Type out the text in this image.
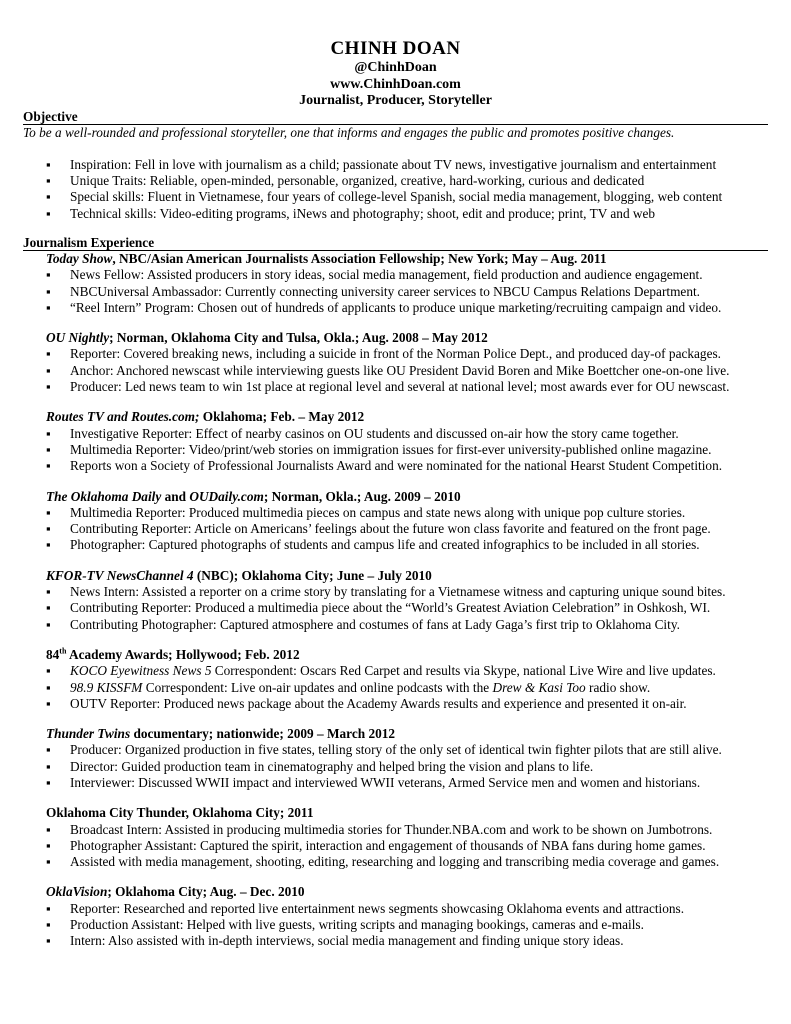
CHINH DOAN
@ChinhDoan
www.ChinhDoan.com
Journalist, Producer, Storyteller
Objective
To be a well-rounded and professional storyteller, one that informs and engages the public and promotes positive changes.
▪ Inspiration: Fell in love with journalism as a child; passionate about TV news, investigative journalism and entertainment
▪ Unique Traits: Reliable, open-minded, personable, organized, creative, hard-working, curious and dedicated
▪ Special skills: Fluent in Vietnamese, four years of college-level Spanish, social media management, blogging, web content
▪ Technical skills: Video-editing programs, iNews and photography; shoot, edit and produce; print, TV and web
Journalism Experience
Today Show, NBC/Asian American Journalists Association Fellowship; New York; May – Aug. 2011
▪ News Fellow: Assisted producers in story ideas, social media management, field production and audience engagement.
▪ NBCUniversal Ambassador: Currently connecting university career services to NBCU Campus Relations Department.
▪ “Reel Intern” Program: Chosen out of hundreds of applicants to produce unique marketing/recruiting campaign and video.
OU Nightly; Norman, Oklahoma City and Tulsa, Okla.; Aug. 2008 – May 2012
▪ Reporter: Covered breaking news, including a suicide in front of the Norman Police Dept., and produced day-of packages.
▪ Anchor: Anchored newscast while interviewing guests like OU President David Boren and Mike Boettcher one-on-one live.
▪ Producer: Led news team to win 1st place at regional level and several at national level; most awards ever for OU newscast.
Routes TV and Routes.com; Oklahoma; Feb. – May 2012
▪ Investigative Reporter: Effect of nearby casinos on OU students and discussed on-air how the story came together.
▪ Multimedia Reporter: Video/print/web stories on immigration issues for first-ever university-published online magazine.
▪ Reports won a Society of Professional Journalists Award and were nominated for the national Hearst Student Competition.
The Oklahoma Daily and OUDaily.com; Norman, Okla.; Aug. 2009 – 2010
▪ Multimedia Reporter: Produced multimedia pieces on campus and state news along with unique pop culture stories.
▪ Contributing Reporter: Article on Americans’ feelings about the future won class favorite and featured on the front page.
▪ Photographer: Captured photographs of students and campus life and created infographics to be included in all stories.
KFOR-TV NewsChannel 4 (NBC); Oklahoma City; June – July 2010
▪ News Intern: Assisted a reporter on a crime story by translating for a Vietnamese witness and capturing unique sound bites.
▪ Contributing Reporter: Produced a multimedia piece about the “World’s Greatest Aviation Celebration” in Oshkosh, WI.
▪ Contributing Photographer: Captured atmosphere and costumes of fans at Lady Gaga’s first trip to Oklahoma City.
84th Academy Awards; Hollywood; Feb. 2012
▪ KOCO Eyewitness News 5 Correspondent: Oscars Red Carpet and results via Skype, national Live Wire and live updates.
▪ 98.9 KISSFM Correspondent: Live on-air updates and online podcasts with the Drew & Kasi Too radio show.
▪ OUTV Reporter: Produced news package about the Academy Awards results and experience and presented it on-air.
Thunder Twins documentary; nationwide; 2009 – March 2012
▪ Producer: Organized production in five states, telling story of the only set of identical twin fighter pilots that are still alive.
▪ Director: Guided production team in cinematography and helped bring the vision and plans to life.
▪ Interviewer: Discussed WWII impact and interviewed WWII veterans, Armed Service men and women and historians.
Oklahoma City Thunder, Oklahoma City; 2011
▪ Broadcast Intern: Assisted in producing multimedia stories for Thunder.NBA.com and work to be shown on Jumbotrons.
▪ Photographer Assistant: Captured the spirit, interaction and engagement of thousands of NBA fans during home games.
▪ Assisted with media management, shooting, editing, researching and logging and transcribing media coverage and games.
OklaVision; Oklahoma City; Aug. – Dec. 2010
▪ Reporter: Researched and reported live entertainment news segments showcasing Oklahoma events and attractions.
▪ Production Assistant: Helped with live guests, writing scripts and managing bookings, cameras and e-mails.
▪ Intern: Also assisted with in-depth interviews, social media management and finding unique story ideas.
